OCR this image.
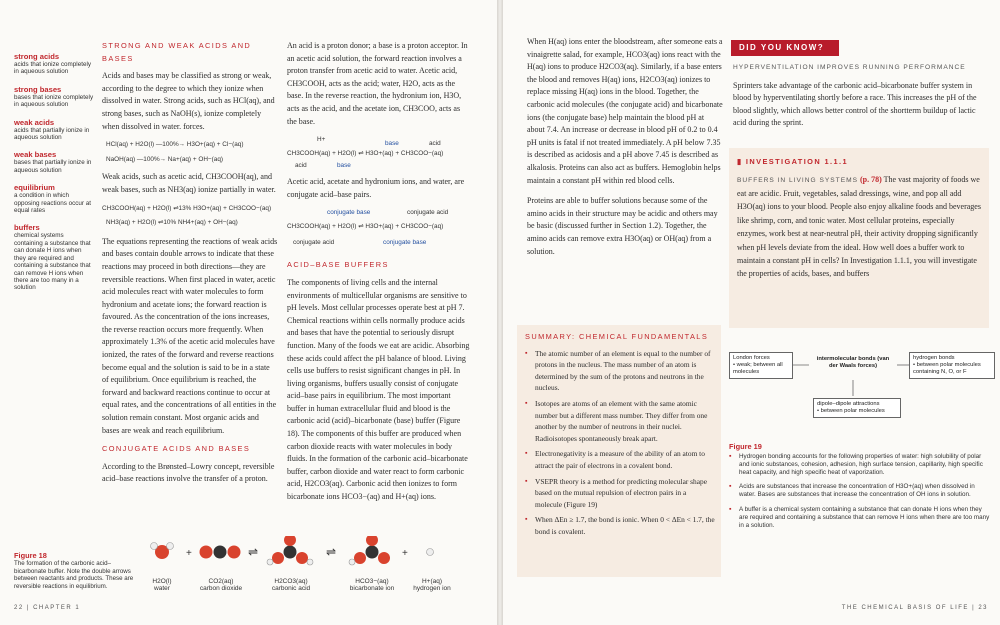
strong acids
acids that ionize completely in aqueous solution
strong bases
bases that ionize completely in aqueous solution
weak acids
acids that partially ionize in aqueous solution
weak bases
bases that partially ionize in aqueous solution
equilibrium
a condition in which opposing reactions occur at equal rates
buffers
chemical systems containing a substance that can donate H ions when they are required and containing a substance that can remove H ions when there are too many in a solution
STRONG AND WEAK ACIDS AND BASES

Acids and bases may be classified as strong or weak, according to the degree to which they ionize when dissolved in water. Strong acids, such as HCl(aq), and strong bases, such as NaOH(s), ionize completely when dissolved in water. forces.

HCl(aq) + H2O(l) —100%→ H3O+(aq) + Cl−(aq)
NaOH(aq) —100%→ Na+(aq) + OH−(aq)

Weak acids, such as acetic acid, CH3COOH(aq), and weak bases, such as NH3(aq) ionize partially in water.

CH3COOH(aq) + H2O(l) ⇌13% H3O+(aq) + CH3COO−(aq)
NH3(aq) + H2O(l) ⇌10% NH4+(aq) + OH−(aq)

The equations representing the reactions of weak acids and bases contain double arrows to indicate that these reactions may proceed in both directions—they are reversible reactions. When first placed in water, acetic acid molecules react with water molecules to form hydronium and acetate ions; the forward reaction is favoured. As the concentration of the ions increases, the reverse reaction occurs more frequently. When approximately 1.3% of the acetic acid molecules have ionized, the rates of the forward and reverse reactions become equal and the solution is said to be in a state of equilibrium. Once equilibrium is reached, the forward and backward reactions continue to occur at equal rates, and the concentrations of all entities in the solution remain constant. Most organic acids and bases are weak and reach equilibrium.

CONJUGATE ACIDS AND BASES

According to the Brønsted–Lowry concept, reversible acid–base reactions involve the transfer of a proton.

An acid is a proton donor; a base is a proton acceptor. In an acetic acid solution, the forward reaction involves a proton transfer from acetic acid to water. Acetic acid, CH3COOH, acts as the acid; water, H2O, acts as the base. In the reverse reaction, the hydronium ion, H3O, acts as the acid, and the acetate ion, CH3COO, acts as the base.

H+
CH3COOH(aq) + H2O(l) ⇌ H3O+(aq) + CH3COO−(aq)
acid	base
base	acid

Acetic acid, acetate and hydronium ions, and water, are conjugate acid–base pairs.

conjugate base	conjugate acid
CH3COOH(aq) + H2O(l) ⇌ H3O+(aq) + CH3COO−(aq)
conjugate acid	conjugate base
ACID–BASE BUFFERS

The components of living cells and the internal environments of multicellular organisms are sensitive to pH levels. Most cellular processes operate best at pH 7. Chemical reactions within cells normally produce acids and bases that have the potential to seriously disrupt function. Many of the foods we eat are acidic. Absorbing these acids could affect the pH balance of blood. Living cells use buffers to resist significant changes in pH. In living organisms, buffers usually consist of conjugate acid–base pairs in equilibrium. The most important buffer in human extracellular fluid and blood is the carbonic acid (acid)–bicarbonate (base) buffer (Figure 18). The components of this buffer are produced when carbon dioxide reacts with water molecules in body fluids. In the formation of the carbonic acid–bicarbonate buffer, carbon dioxide and water react to form carbonic acid, H2CO3(aq). Carbonic acid then ionizes to form bicarbonate ions HCO3−(aq) and H+(aq) ions.

Figure 18
The formation of the carbonic acid–bicarbonate buffer. Note the double arrows between reactants and products. These are reversible reactions in equilibrium.
+	⇌	⇌	+
H2O(l)
water
CO2(aq)
carbon dioxide
H2CO3(aq)
carbonic acid
HCO3−(aq)
bicarbonate ion
H+(aq)
hydrogen ion
22 | CHAPTER 1

When H(aq) ions enter the bloodstream, after someone eats a vinaigrette salad, for example, HCO3(aq) ions react with the H(aq) ions to produce H2CO3(aq). Similarly, if a base enters the blood and removes H(aq) ions, H2CO3(aq) ionizes to replace missing H(aq) ions in the blood. Together, the carbonic acid molecules (the conjugate acid) and bicarbonate ions (the conjugate base) help maintain the blood pH at about 7.4. An increase or decrease in blood pH of 0.2 to 0.4 pH units is fatal if not treated immediately. A pH below 7.35 is described as acidosis and a pH above 7.45 is described as alkalosis. Proteins can also act as buffers. Hemoglobin helps maintain a constant pH within red blood cells.

Proteins are able to buffer solutions because some of the amino acids in their structure may be acidic and others may be basic (discussed further in Section 1.2). Together, the amino acids can remove extra H3O(aq) or OH(aq) from a solution.

SUMMARY: CHEMICAL FUNDAMENTALS
▪ The atomic number of an element is equal to the number of protons in the nucleus. The mass number of an atom is determined by the sum of the protons and neutrons in the nucleus.
▪ Isotopes are atoms of an element with the same atomic number but a different mass number. They differ from one another by the number of neutrons in their nuclei. Radioisotopes spontaneously break apart.
▪ Electronegativity is a measure of the ability of an atom to attract the pair of electrons in a covalent bond.
▪ VSEPR theory is a method for predicting molecular shape based on the mutual repulsion of electron pairs in a molecule (Figure 19)
▪ When ΔEn ≥ 1.7, the bond is ionic. When 0 < ΔEn < 1.7, the bond is covalent.
DID YOU KNOW?
HYPERVENTILATION IMPROVES RUNNING PERFORMANCE

Sprinters take advantage of the carbonic acid–bicarbonate buffer system in blood by hyperventilating shortly before a race. This increases the pH of the blood slightly, which allows better control of the shortterm buildup of lactic acid during the sprint.

▮ INVESTIGATION 1.1.1
BUFFERS IN LIVING SYSTEMS (p. 78) The vast majority of foods we eat are acidic. Fruit, vegetables, salad dressings, wine, and pop all add H3O(aq) ions to your blood. People also enjoy alkaline foods and beverages like shrimp, corn, and tonic water. Most cellular proteins, especially enzymes, work best at near-neutral pH, their activity dropping significantly when pH levels deviate from the ideal. How well does a buffer work to maintain a constant pH in cells? In Investigation 1.1.1, you will investigate the properties of acids, bases, and buffers
London forces
• weak; between all molecules
intermolecular bonds (van der Waals forces)
hydrogen bonds
• between polar molecules containing N, O, or F
dipole–dipole attractions
• between polar molecules
Figure 19
▪ Hydrogen bonding accounts for the following properties of water: high solubility of polar and ionic substances, cohesion, adhesion, high surface tension, capillarity, high specific heat capacity, and high specific heat of vaporization.
▪ Acids are substances that increase the concentration of H3O+(aq) when dissolved in water. Bases are substances that increase the concentration of OH ions in solution.
▪ A buffer is a chemical system containing a substance that can donate H ions when they are required and containing a substance that can remove H ions when there are too many in a solution.
THE CHEMICAL BASIS OF LIFE | 23
